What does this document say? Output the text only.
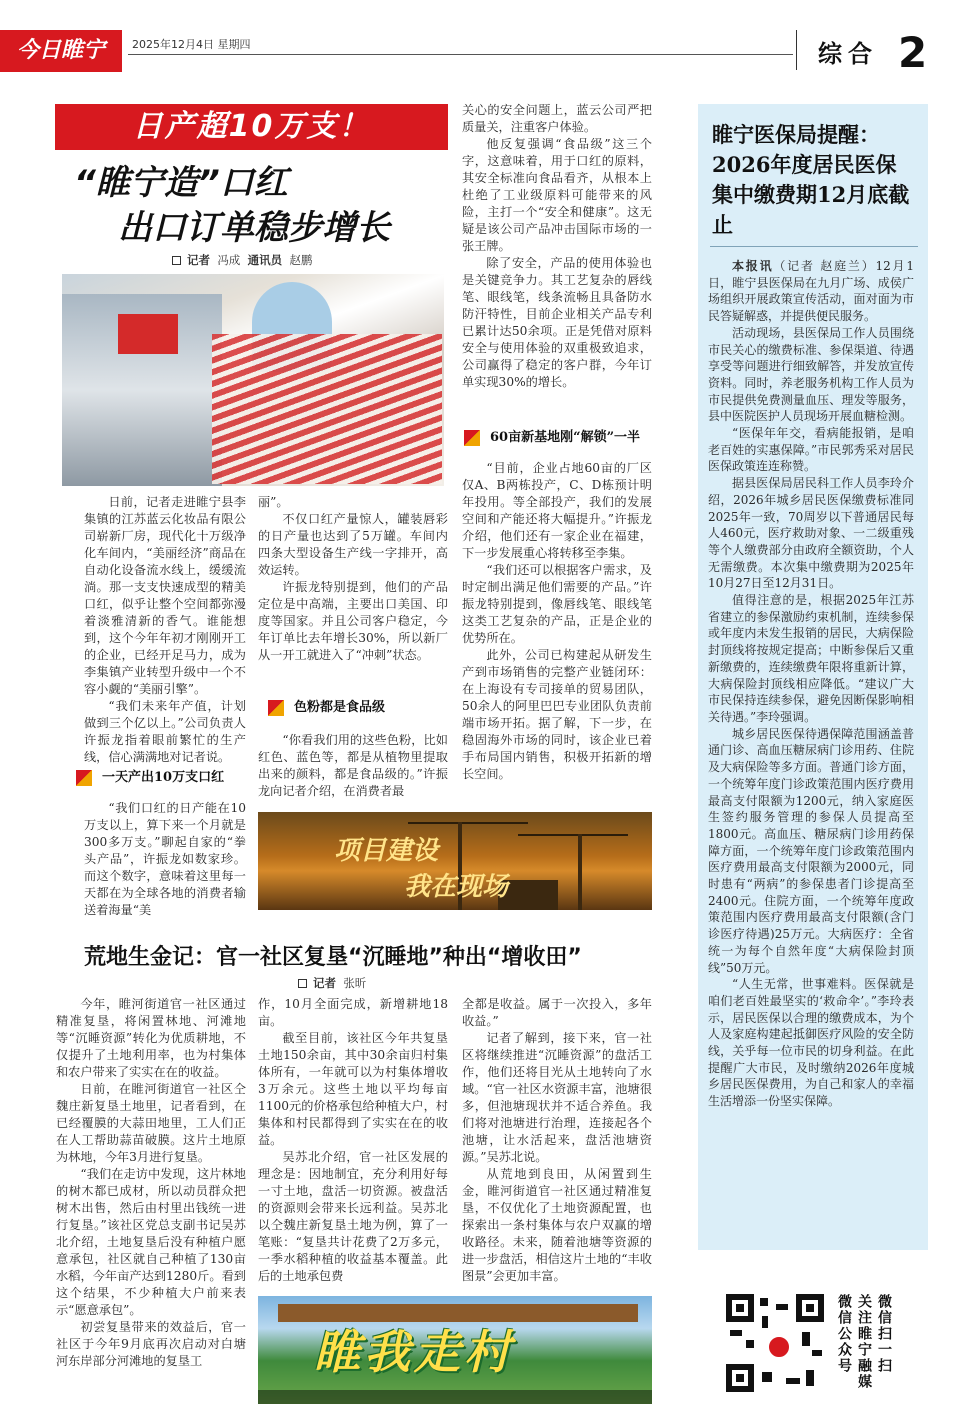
今日睢宁	2025年12月4日 星期四	综合 2
日产超10万支！
“睢宁造”口红
出口订单稳步增长
记者 冯成 通讯员 赵鹏

日前，记者走进睢宁县李集镇的江苏蓝云化妆品有限公司崭新厂房，现代化十万级净化车间内，“美丽经济”商品在自动化设备流水线上，缓缓流淌。那一支支快速成型的精美口红，似乎让整个空间都弥漫着淡雅清新的香气。谁能想到，这个今年年初才刚刚开工的企业，已经开足马力，成为李集镇产业转型升级中一个不容小觑的“美丽引擎”。

“我们未来年产值，计划做到三个亿以上。”公司负责人许振龙指着眼前繁忙的生产线，信心满满地对记者说。

一天产出10万支口红

“我们口红的日产能在10万支以上，算下来一个月就是300多万支。”聊起自家的“拳头产品”，许振龙如数家珍。而这个数字，意味着这里每一天都在为全球各地的消费者输送着海量“美

丽”。

不仅口红产量惊人，罐装唇彩的日产量也达到了5万罐。车间内四条大型设备生产线一字排开，高效运转。

许振龙特别提到，他们的产品定位是中高端，主要出口美国、印度等国家。并且公司客户稳定，今年订单比去年增长30%，所以新厂从一开工就进入了“冲刺”状态。

色粉都是食品级

“你看我们用的这些色粉，比如红色、蓝色等，都是从植物里提取出来的颜料，都是食品级的。”许振龙向记者介绍，在消费者最

关心的安全问题上，蓝云公司严把质量关，注重客户体验。

他反复强调“食品级”这三个字，这意味着，用于口红的原料，其安全标准向食品看齐，从根本上杜绝了工业级原料可能带来的风险，主打一个“安全和健康”。这无疑是该公司产品冲击国际市场的一张王牌。

除了安全，产品的使用体验也是关键竞争力。其工艺复杂的唇线笔、眼线笔，线条流畅且具备防水防汗特性，目前企业相关产品专利已累计达50余项。正是凭借对原料安全与使用体验的双重极致追求，公司赢得了稳定的客户群，今年订单实现30%的增长。

60亩新基地刚“解锁”一半

“目前，企业占地60亩的厂区仅A、B两栋投产，C、D栋预计明年投用。等全部投产，我们的发展空间和产能还将大幅提升。”许振龙介绍，他们还有一家企业在福建，下一步发展重心将转移至李集。

“我们还可以根据客户需求，及时定制出满足他们需要的产品。”许振龙特别提到，像唇线笔、眼线笔这类工艺复杂的产品，正是企业的优势所在。

此外，公司已构建起从研发生产到市场销售的完整产业链闭环：在上海设有专司接单的贸易团队，50余人的阿里巴巴专业团队负责前端市场开拓。据了解，下一步，在稳固海外市场的同时，该企业已着手布局国内销售，积极开拓新的增长空间。

项目建设
我在现场
荒地生金记：官一社区复垦“沉睡地”种出“增收田”
记者 张昕

今年，睢河街道官一社区通过精准复垦，将闲置林地、河滩地等“沉睡资源”转化为优质耕地，不仅提升了土地利用率，也为村集体和农户带来了实实在在的收益。

日前，在睢河街道官一社区仝魏庄新复垦土地里，记者看到，在已经覆膜的大蒜田地里，工人们正在人工帮助蒜苗破膜。这片土地原为林地，今年3月进行复垦。

“我们在走访中发现，这片林地的树木都已成材，所以动员群众把树木出售，然后由村里出钱统一进行复垦。”该社区党总支副书记吴苏北介绍，土地复垦后没有种植户愿意承包，社区就自己种植了130亩水稻，今年亩产达到1280斤。看到这个结果，不少种植大户前来表示“愿意承包”。

初尝复垦带来的效益后，官一社区于今年9月底再次启动对白塘河东岸部分河滩地的复垦工

作，10月全面完成，新增耕地18亩。

截至目前，该社区今年共复垦土地150余亩，其中30余亩归村集体所有，一年就可以为村集体增收3万余元。这些土地以平均每亩1100元的价格承包给种植大户，村集体和村民都得到了实实在在的收益。

吴苏北介绍，官一社区发展的理念是：因地制宜，充分利用好每一寸土地，盘活一切资源。被盘活的资源则会带来长远利益。吴苏北以仝魏庄新复垦土地为例，算了一笔账：“复垦共计花费了2万多元，一季水稻种植的收益基本覆盖。此后的土地承包费

全都是收益。属于一次投入，多年收益。”

记者了解到，接下来，官一社区将继续推进“沉睡资源”的盘活工作，他们还将目光从土地转向了水域。“官一社区水资源丰富，池塘很多，但池塘现状并不适合养鱼。我们将对池塘进行治理，连接起各个池塘，让水活起来，盘活池塘资源。”吴苏北说。

从荒地到良田，从闲置到生金，睢河街道官一社区通过精准复垦，不仅优化了土地资源配置，也探索出一条村集体与农户双赢的增收路径。未来，随着池塘等资源的进一步盘活，相信这片土地的“丰收图景”会更加丰富。

睢我走村
睢宁医保局提醒：2026年度居民医保集中缴费期12月底截止

本报讯（记者 赵庭兰）12月1日，睢宁县医保局在九月广场、成侯广场组织开展政策宣传活动，面对面为市民答疑解惑，并提供便民服务。

活动现场，县医保局工作人员围绕市民关心的缴费标准、参保渠道、待遇享受等问题进行细致解答，并发放宣传资料。同时，养老服务机构工作人员为市民提供免费测量血压、理发等服务，县中医院医护人员现场开展血糖检测。

“医保年年交，看病能报销，是咱老百姓的实惠保障。”市民郭秀采对居民医保政策连连称赞。

据县医保局居民科工作人员李玲介绍，2026年城乡居民医保缴费标准同2025年一致，70周岁以下普通居民每人460元，医疗救助对象、一二级重残等个人缴费部分由政府全额资助，个人无需缴费。本次集中缴费期为2025年10月27日至12月31日。

值得注意的是，根据2025年江苏省建立的参保激励约束机制，连续参保或年度内未发生报销的居民，大病保险封顶线将按规定提高；中断参保后又重新缴费的，连续缴费年限将重新计算，大病保险封顶线相应降低。“建议广大市民保持连续参保，避免因断保影响相关待遇。”李玲强调。

城乡居民医保待遇保障范围涵盖普通门诊、高血压糖尿病门诊用药、住院及大病保险等多方面。普通门诊方面，一个统筹年度门诊政策范围内医疗费用最高支付限额为1200元，纳入家庭医生签约服务管理的参保人员提高至1800元。高血压、糖尿病门诊用药保障方面，一个统筹年度门诊政策范围内医疗费用最高支付限额为2000元，同时患有“两病”的参保患者门诊提高至2400元。住院方面，一个统筹年度政策范围内医疗费用最高支付限额(含门诊医疗待遇)25万元。大病医疗：全省统一为每个自然年度“大病保险封顶线”50万元。

“人生无常，世事难料。医保就是咱们老百姓最坚实的‘救命伞’。”李玲表示，居民医保以合理的缴费成本，为个人及家庭构建起抵御医疗风险的安全防线，关乎每一位市民的切身利益。在此提醒广大市民，及时缴纳2026年度城乡居民医保费用，为自己和家人的幸福生活增添一份坚实保障。

微信扫一扫
关注睢宁融媒
微信公众号
